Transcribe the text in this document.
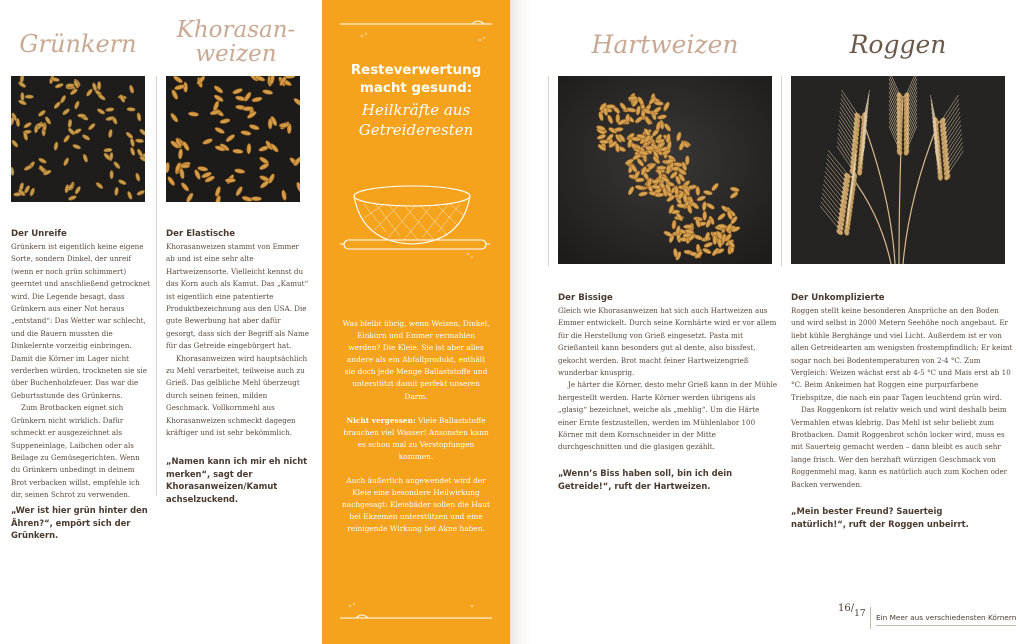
Grünkern
Der Unreife

Grünkern ist eigentlich keine eigene Sorte, sondern Dinkel, der unreif (wenn er noch grün schimmert) geerntet und anschließend getrocknet wird. Die Legende besagt, dass Grünkern aus einer Not heraus „entstand“: Das Wetter war schlecht, und die Bauern mussten die Dinkelernte vorzeitig einbringen. Damit die Körner im Lager nicht verderben würden, trockneten sie sie über Buchenholzfeuer. Das war die Geburtsstunde des Grünkerns.

Zum Brotbacken eignet sich Grünkern nicht wirklich. Dafür schmeckt er ausgezeichnet als Suppeneinlage, Laibchen oder als Beilage zu Gemüsegerichten. Wenn du Grünkern unbedingt in deinem Brot verbacken willst, empfehle ich dir, seinen Schrot zu verwenden.

„Wer ist hier grün hinter den Ähren?“, empört sich der Grünkern.
Khorasan-
weizen
Der Elastische

Khorasanweizen stammt von Emmer ab und ist eine sehr alte Hartweizensorte. Vielleicht kennst du das Korn auch als Kamut. Das „Kamut“ ist eigentlich eine patentierte Produktbezeichnung aus den USA. Die gute Bewerbung hat aber dafür gesorgt, dass sich der Begriff als Name für das Getreide eingebürgert hat.

Khorasanweizen wird hauptsächlich zu Mehl verarbeitet, teilweise auch zu Grieß. Das gelbliche Mehl überzeugt durch seinen feinen, milden Geschmack. Vollkornmehl aus Khorasanweizen schmeckt dagegen kräftiger und ist sehr bekömmlich.

„Namen kann ich mir eh nicht merken“, sagt der Khorasanweizen/Kamut achselzuckend.
Resteverwertung
macht gesund:
Heilkräfte aus
Getreideresten

Was bleibt übrig, wenn Weizen, Dinkel, Einkorn und Emmer vermahlen werden? Die Kleie. Sie ist aber alles andere als ein Abfallprodukt, enthält sie doch jede Menge Ballaststoffe und unterstützt damit perfekt unseren Darm.

Nicht vergessen: Viele Ballaststoffe brauchen viel Wasser! Ansonsten kann es schon mal zu Verstopfungen kommen.

Auch äußerlich angewendet wird der Kleie eine besondere Heilwirkung nachgesagt: Kleiebäder sollen die Haut bei Ekzemen unterstützen und eine reinigende Wirkung bei Akne haben.

Hartweizen
Der Bissige

Gleich wie Khorasanweizen hat sich auch Hartweizen aus Emmer entwickelt. Durch seine Kornhärte wird er vor allem für die Herstellung von Grieß eingesetzt. Pasta mit Grießanteil kann besonders gut al dente, also bissfest, gekocht werden. Brot macht feiner Hartweizengrieß wunderbar knusprig.

Je härter die Körner, desto mehr Grieß kann in der Mühle hergestellt werden. Harte Körner werden übrigens als „glasig“ bezeichnet, weiche als „mehlig“. Um die Härte einer Ernte festzustellen, werden im Mühlenlabor 100 Körner mit dem Kornschneider in der Mitte durchgeschnitten und die glasigen gezählt.

„Wenn’s Biss haben soll, bin ich dein Getreide!“, ruft der Hartweizen.
Roggen
Der Unkomplizierte

Roggen stellt keine besonderen Ansprüche an den Boden und wird selbst in 2000 Metern Seehöhe noch angebaut. Er liebt kühle Berghänge und viel Licht. Außerdem ist er von allen Getreidearten am wenigsten frostempfindlich: Er keimt sogar noch bei Bodentemperaturen von 2-4 °C. Zum Vergleich: Weizen wächst erst ab 4-5 °C und Mais erst ab 10 °C. Beim Ankeimen hat Roggen eine purpurfarbene Triebspitze, die nach ein paar Tagen leuchtend grün wird.

Das Roggenkorn ist relativ weich und wird deshalb beim Vermahlen etwas klebrig. Das Mehl ist sehr beliebt zum Brotbacken. Damit Roggenbrot schön locker wird, muss es mit Sauerteig gemacht werden – dann bleibt es auch sehr lange frisch. Wer den herzhaft würzigen Geschmack von Roggenmehl mag, kann es natürlich auch zum Kochen oder Backen verwenden.

„Mein bester Freund? Sauerteig natürlich!“, ruft der Roggen unbeirrt.
16/17 Ein Meer aus verschiedensten Körnern
